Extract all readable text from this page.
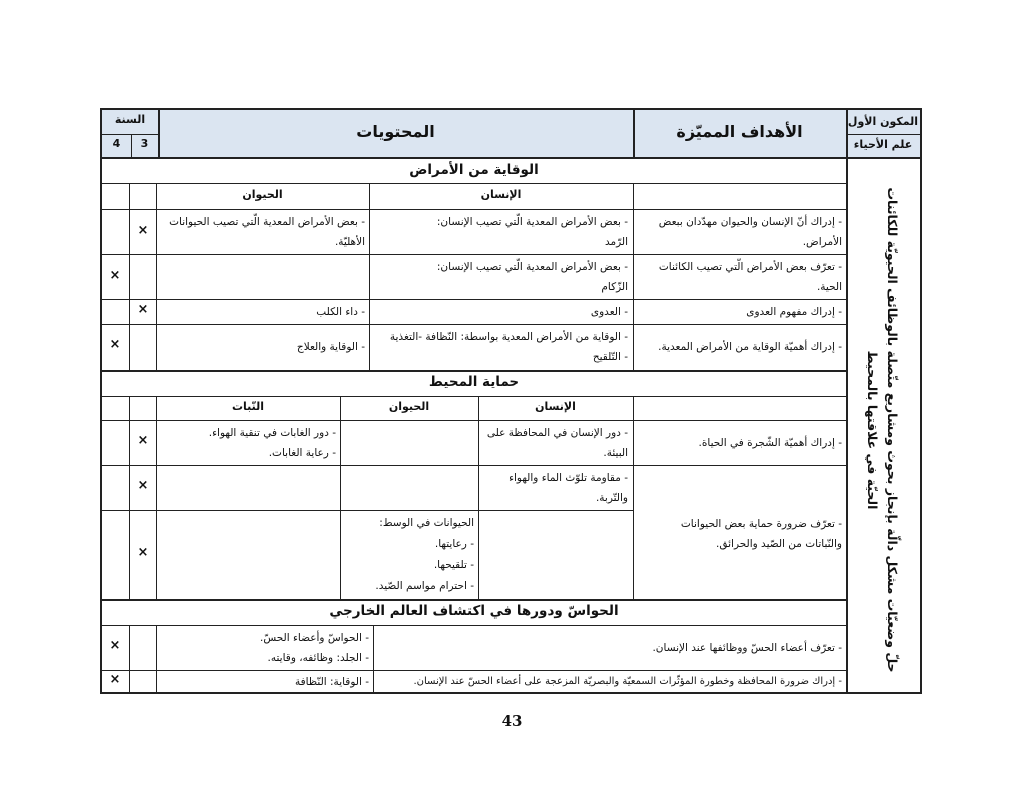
السنة
3
4
المحتويات	الأهداف المميّزة
المكون الأول
علم الأحياء
حلّ وضعيّات مشكل دالّة بإنجاز بحوث ومشاريع متّصلة بالوظائف الحيويّة للكائنات الحيّة في علاقتها بالمحيط
الوقاية من الأمراض
الإنسان
الحيوان
- إدراك أنّ الإنسان والحيوان مهدّدان ببعض
الأمراض.
- بعض الأمراض المعدية الّتي تصيب الإنسان:
الرّمد
- بعض الأمراض المعدية الّتي تصيب الحيوانات
الأهليّة.
×
- تعرّف بعض الأمراض الّتي تصيب الكائنات
الحية.
- بعض الأمراض المعدية الّتي تصيب الإنسان:
الزّكام
×
- إدراك مفهوم العدوى
- العدوى
- داء الكلب
×
- إدراك أهميّة الوقاية من الأمراض المعدية.
- الوقاية من الأمراض المعدية بواسطة: النّظافة -التغذية
- التّلقيح
- الوقاية والعلاج
×
حماية المحيط
الإنسان
الحيوان
النّبات
- إدراك أهميّة الشّجرة في الحياة.
- دور الإنسان في المحافظة على
البيئة.
- دور الغابات في تنقية الهواء.
- رعاية الغابات.
×
- مقاومة تلوّث الماء والهواء
والتّربة.
×
- تعرّف ضرورة حماية بعض الحيوانات
والنّباتات من الصّيد والحرائق.
الحيوانات في الوسط:
- رعايتها.
- تلقيحها.
- احترام مواسم الصّيد.
×
الحواسّ ودورها في اكتشاف العالم الخارجي
- تعرّف أعضاء الحسّ ووظائفها عند الإنسان.
- الحواسّ وأعضاء الحسّ.
- الجلد: وظائفه، وقايته.
×
- إدراك ضرورة المحافظة وخطورة المؤثّرات السمعيّة والبصريّة المزعجة على أعضاء الحسّ عند الإنسان.
- الوقاية: النّظافة
×
43
